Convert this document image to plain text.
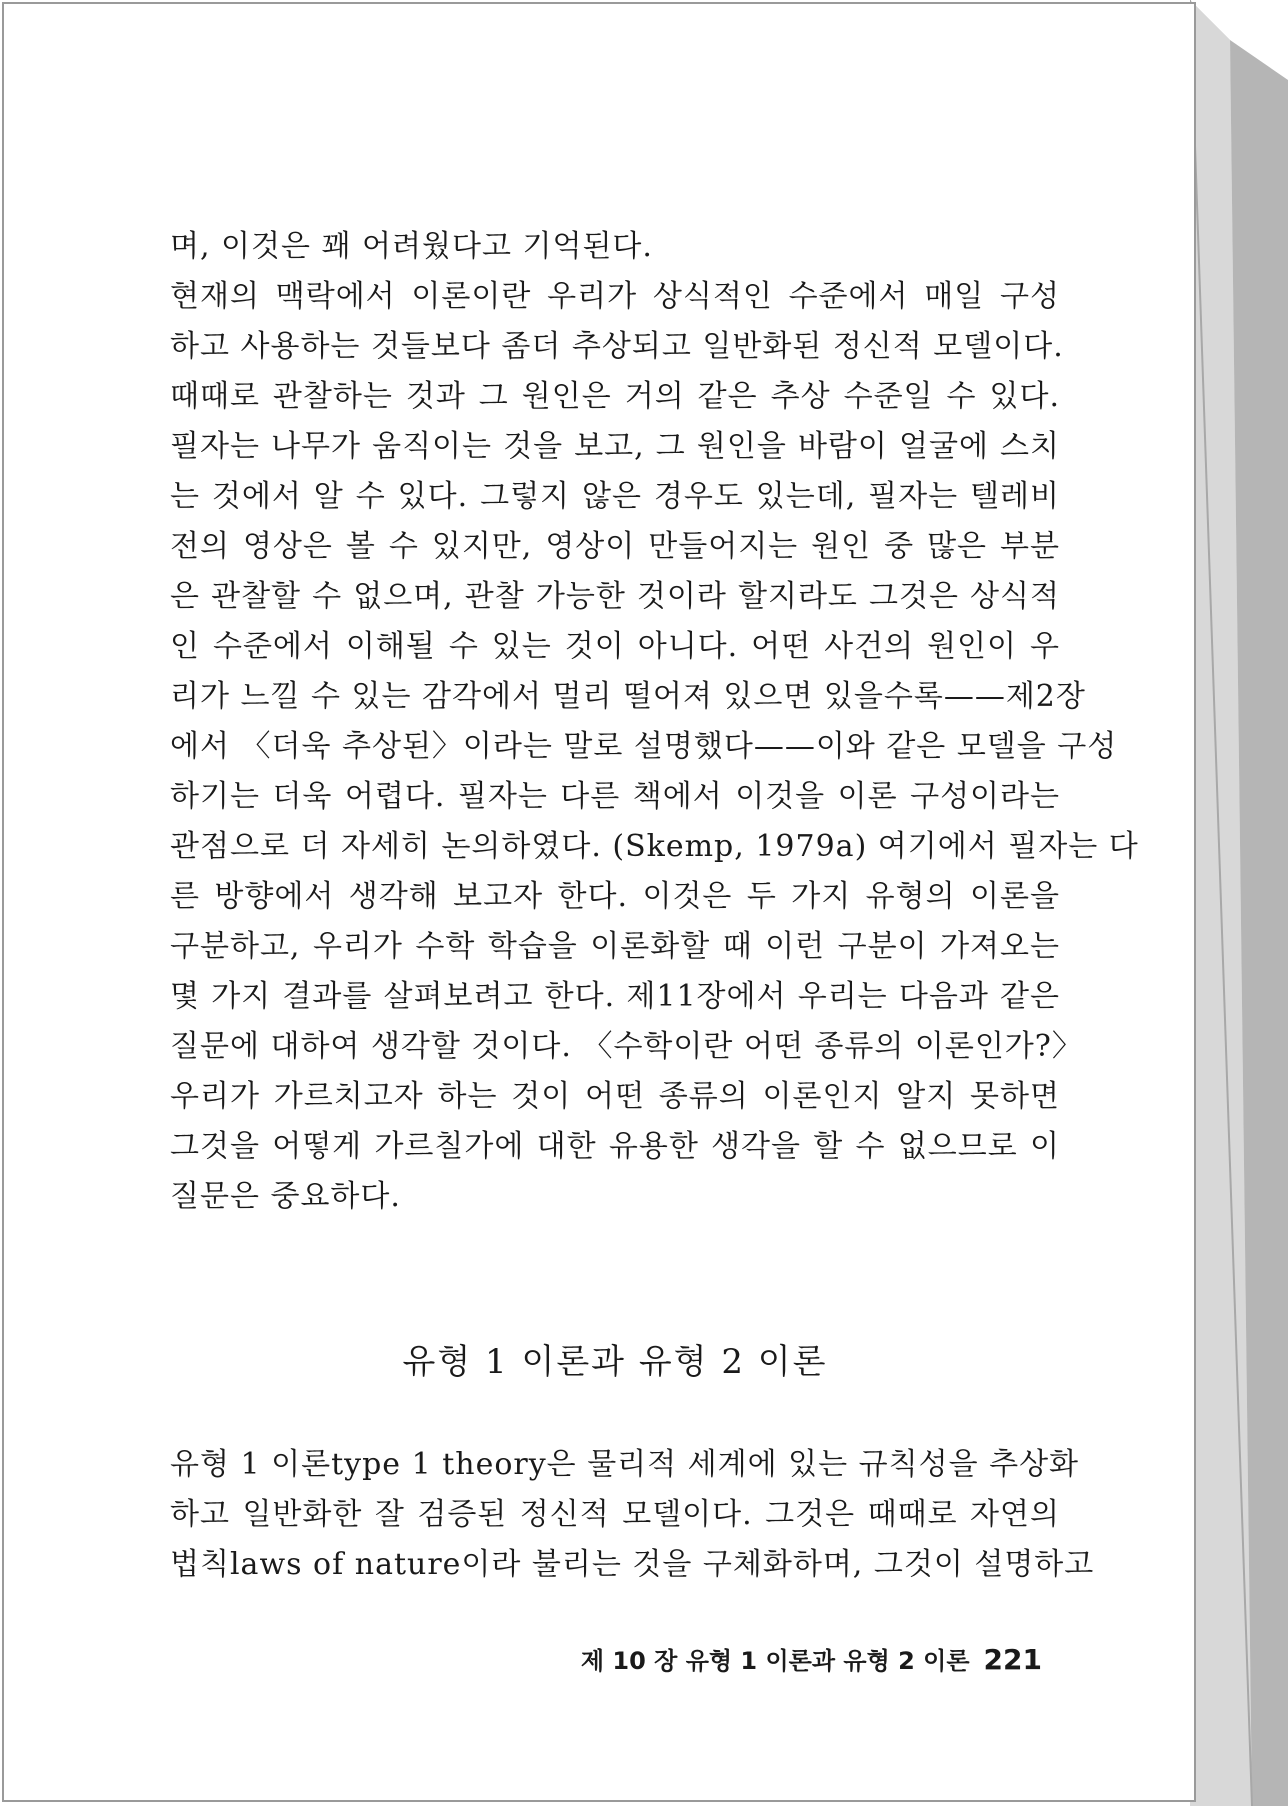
며, 이것은 꽤 어려웠다고 기억된다.
현재의 맥락에서 이론이란 우리가 상식적인 수준에서 매일 구성
하고 사용하는 것들보다 좀더 추상되고 일반화된 정신적 모델이다.
때때로 관찰하는 것과 그 원인은 거의 같은 추상 수준일 수 있다.
필자는 나무가 움직이는 것을 보고, 그 원인을 바람이 얼굴에 스치
는 것에서 알 수 있다. 그렇지 않은 경우도 있는데, 필자는 텔레비
전의 영상은 볼 수 있지만, 영상이 만들어지는 원인 중 많은 부분
은 관찰할 수 없으며, 관찰 가능한 것이라 할지라도 그것은 상식적
인 수준에서 이해될 수 있는 것이 아니다. 어떤 사건의 원인이 우
리가 느낄 수 있는 감각에서 멀리 떨어져 있으면 있을수록——제2장
에서 〈더욱 추상된〉이라는 말로 설명했다——이와 같은 모델을 구성
하기는 더욱 어렵다. 필자는 다른 책에서 이것을 이론 구성이라는
관점으로 더 자세히 논의하였다. (Skemp, 1979a) 여기에서 필자는 다
른 방향에서 생각해 보고자 한다. 이것은 두 가지 유형의 이론을
구분하고, 우리가 수학 학습을 이론화할 때 이런 구분이 가져오는
몇 가지 결과를 살펴보려고 한다. 제11장에서 우리는 다음과 같은
질문에 대하여 생각할 것이다. 〈수학이란 어떤 종류의 이론인가?〉
우리가 가르치고자 하는 것이 어떤 종류의 이론인지 알지 못하면
그것을 어떻게 가르칠가에 대한 유용한 생각을 할 수 없으므로 이
질문은 중요하다.
유형 1 이론과 유형 2 이론
유형 1 이론type 1 theory은 물리적 세계에 있는 규칙성을 추상화
하고 일반화한 잘 검증된 정신적 모델이다. 그것은 때때로 자연의
법칙laws of nature이라 불리는 것을 구체화하며, 그것이 설명하고
제 10 장 유형 1 이론과 유형 2 이론 221
